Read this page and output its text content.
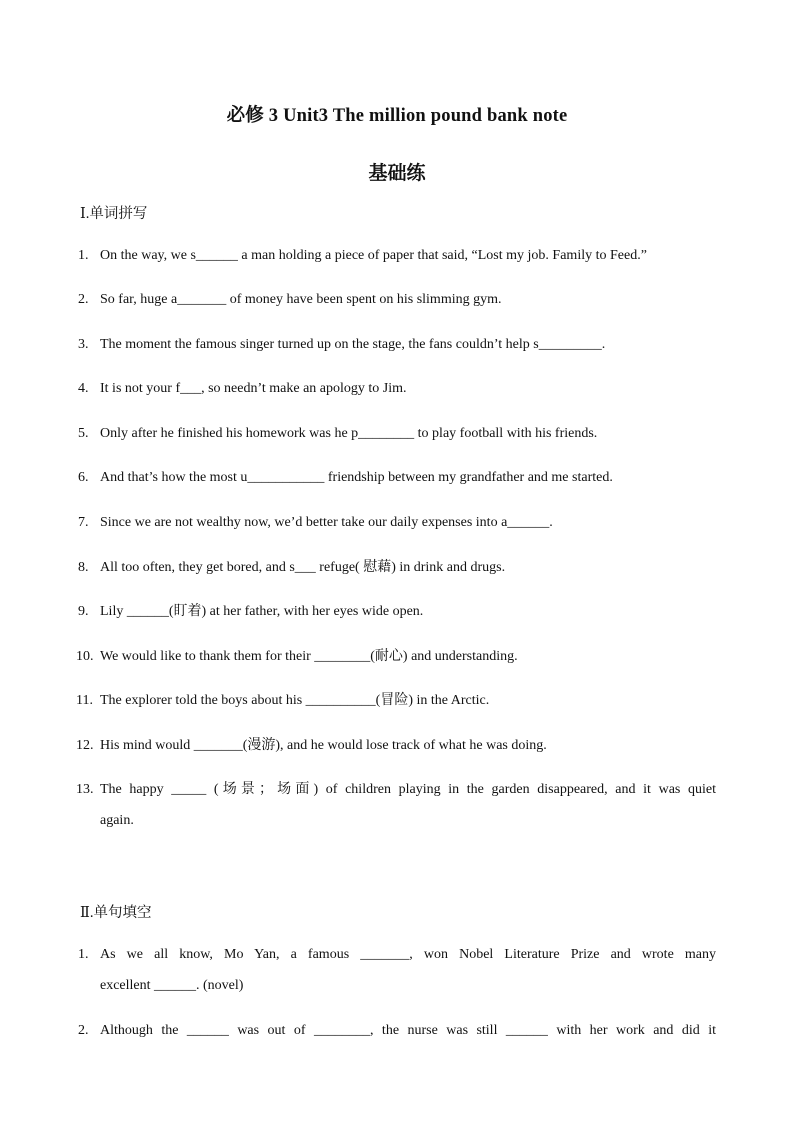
必修 3 Unit3 The million pound bank note
基础练
Ⅰ.单词拼写
1. On the way, we s______ a man holding a piece of paper that said, “Lost my job. Family to Feed.”
2. So far, huge a_______ of money have been spent on his slimming gym.
3. The moment the famous singer turned up on the stage, the fans couldn’t help s_________.
4. It is not your f___, so needn’t make an apology to Jim.
5. Only after he finished his homework was he p________ to play football with his friends.
6. And that’s how the most u___________ friendship between my grandfather and me started.
7. Since we are not wealthy now, we’d better take our daily expenses into a______.
8. All too often, they get bored, and s___ refuge( 慰藉) in drink and drugs.
9. Lily ______(盯着) at her father, with her eyes wide open.
10. We would like to thank them for their ________(耐心) and understanding.
11. The explorer told the boys about his __________(冒险) in the Arctic.
12. His mind would _______(漫游), and he would lose track of what he was doing.
13. The happy _____ (场景；场面) of children playing in the garden disappeared, and it was quiet
again.
Ⅱ.单句填空
1. As we all know, Mo Yan, a famous _______, won Nobel Literature Prize and wrote many
excellent ______. (novel)
2. Although the ______ was out of ________, the nurse was still ______ with her work and did it
